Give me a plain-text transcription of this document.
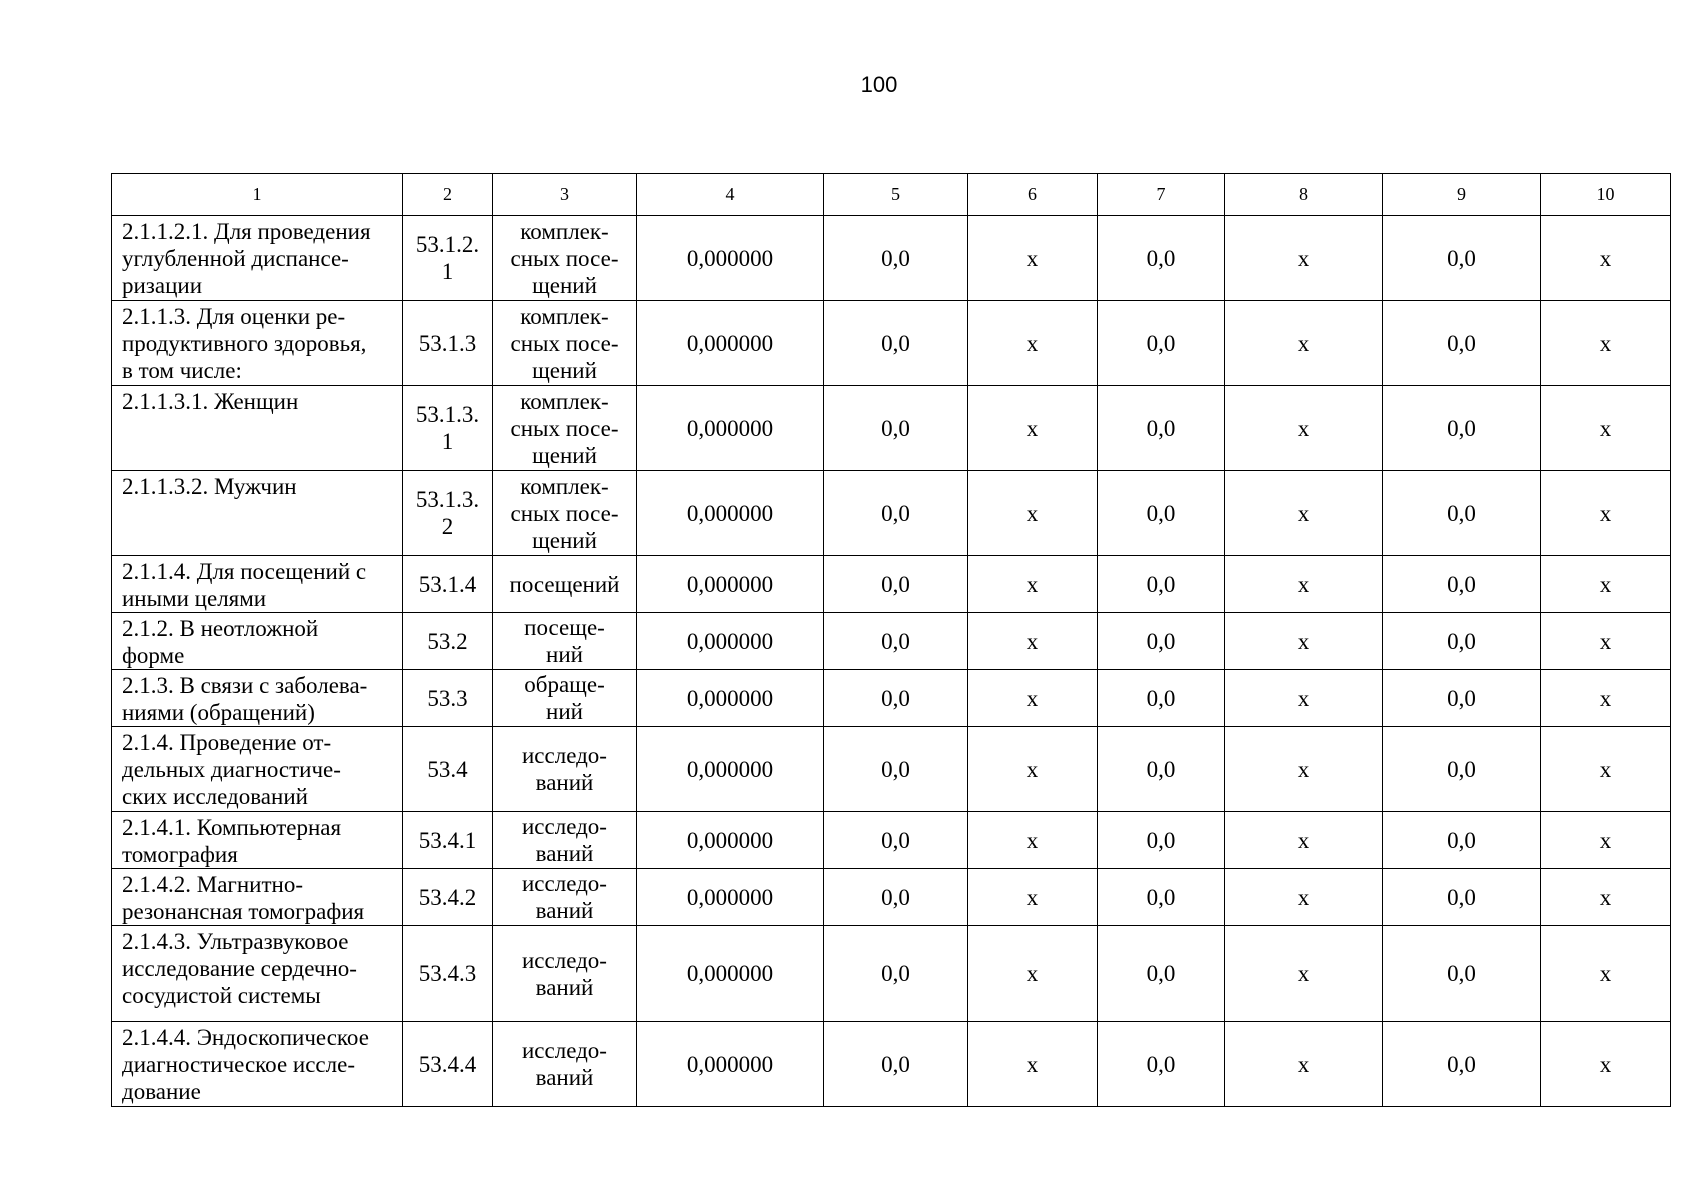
100
1	2	3	4	5	6	7	8	9	10
2.1.1.2.1. Для проведения
углубленной диспансе-
ризации	53.1.2.
1	комплек-
сных посе-
щений	0,000000	0,0	х	0,0	х	0,0	х
2.1.1.3. Для оценки ре-
продуктивного здоровья,
в том числе:	53.1.3	комплек-
сных посе-
щений	0,000000	0,0	х	0,0	х	0,0	х
2.1.1.3.1. Женщин	53.1.3.
1	комплек-
сных посе-
щений	0,000000	0,0	х	0,0	х	0,0	х
2.1.1.3.2. Мужчин	53.1.3.
2	комплек-
сных посе-
щений	0,000000	0,0	х	0,0	х	0,0	х
2.1.1.4. Для посещений с
иными целями	53.1.4	посещений	0,000000	0,0	х	0,0	х	0,0	х
2.1.2. В неотложной
форме	53.2	посеще-
ний	0,000000	0,0	х	0,0	х	0,0	х
2.1.3. В связи с заболева-
ниями (обращений)	53.3	обраще-
ний	0,000000	0,0	х	0,0	х	0,0	х
2.1.4. Проведение от-
дельных диагностиче-
ских исследований	53.4	исследо-
ваний	0,000000	0,0	х	0,0	х	0,0	х
2.1.4.1. Компьютерная
томография	53.4.1	исследо-
ваний	0,000000	0,0	х	0,0	х	0,0	х
2.1.4.2. Магнитно-
резонансная томография	53.4.2	исследо-
ваний	0,000000	0,0	х	0,0	х	0,0	х
2.1.4.3. Ультразвуковое
исследование сердечно-
сосудистой системы	53.4.3	исследо-
ваний	0,000000	0,0	х	0,0	х	0,0	х
2.1.4.4. Эндоскопическое
диагностическое иссле-
дование	53.4.4	исследо-
ваний	0,000000	0,0	х	0,0	х	0,0	х
